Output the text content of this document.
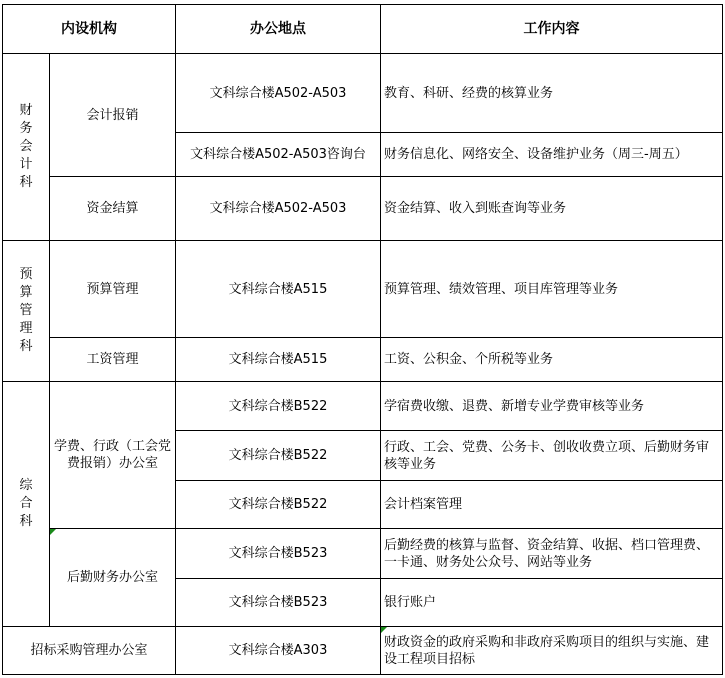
内设机构		办公地点	工作内容

财务会计科	会计报销	文科综合楼A502-A503	教育、科研、经费的核算业务
		文科综合楼A502-A503咨询台	财务信息化、网络安全、设备维护业务（周三-周五）
	资金结算	文科综合楼A502-A503	资金结算、收入到账查询等业务

预算管理科	预算管理	文科综合楼A515	预算管理、绩效管理、项目库管理等业务
	工资管理	文科综合楼A515	工资、公积金、个所税等业务

综合科	学费、行政（工会党费报销）办公室	文科综合楼B522	学宿费收缴、退费、新增专业学费审核等业务
		文科综合楼B522	行政、工会、党费、公务卡、创收收费立项、后勤财务审核等业务
		文科综合楼B522	会计档案管理
	后勤财务办公室	文科综合楼B523	后勤经费的核算与监督、资金结算、收据、档口管理费、一卡通、财务处公众号、网站等业务
		文科综合楼B523	银行账户
招标采购管理办公室		文科综合楼A303	财政资金的政府采购和非政府采购项目的组织与实施、建设工程项目招标
